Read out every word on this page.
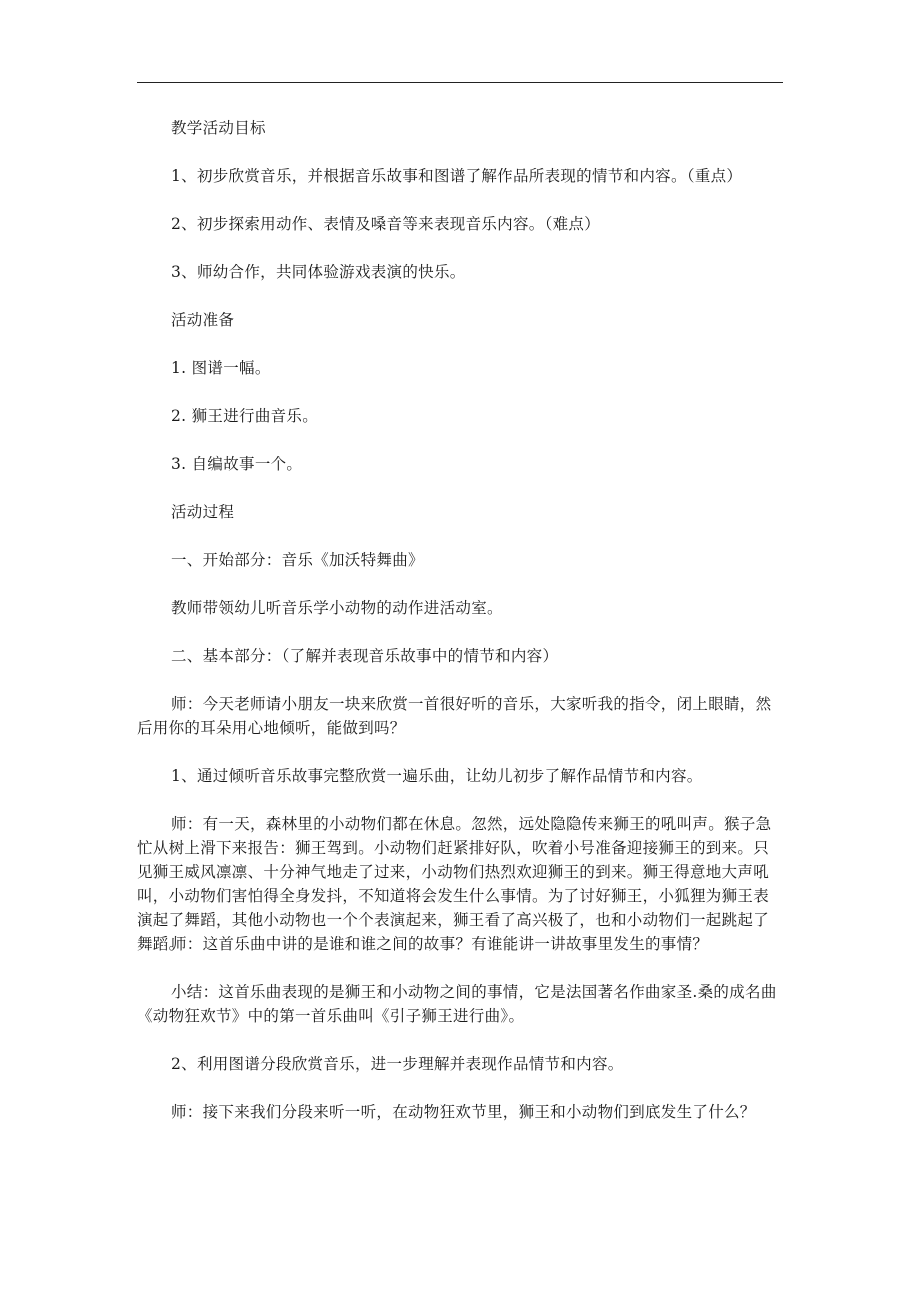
教学活动目标

1、初步欣赏音乐，并根据音乐故事和图谱了解作品所表现的情节和内容。（重点）

2、初步探索用动作、表情及嗓音等来表现音乐内容。（难点）

3、师幼合作，共同体验游戏表演的快乐。

活动准备

1. 图谱一幅。

2. 狮王进行曲音乐。

3. 自编故事一个。

活动过程

一、开始部分：音乐《加沃特舞曲》

教师带领幼儿听音乐学小动物的动作进活动室。

二、基本部分：（了解并表现音乐故事中的情节和内容）

师：今天老师请小朋友一块来欣赏一首很好听的音乐，大家听我的指令，闭上眼睛，然后用你的耳朵用心地倾听，能做到吗？

1、通过倾听音乐故事完整欣赏一遍乐曲，让幼儿初步了解作品情节和内容。

师：有一天，森林里的小动物们都在休息。忽然，远处隐隐传来狮王的吼叫声。猴子急忙从树上滑下来报告：狮王驾到。小动物们赶紧排好队，吹着小号准备迎接狮王的到来。只见狮王威风凛凛、十分神气地走了过来，小动物们热烈欢迎狮王的到来。狮王得意地大声吼叫，小动物们害怕得全身发抖，不知道将会发生什么事情。为了讨好狮王，小狐狸为狮王表演起了舞蹈，其他小动物也一个个表演起来，狮王看了高兴极了，也和小动物们一起跳起了舞蹈。

师：这首乐曲中讲的是谁和谁之间的故事？有谁能讲一讲故事里发生的事情？

小结：这首乐曲表现的是狮王和小动物之间的事情，它是法国著名作曲家圣.桑的成名曲《动物狂欢节》中的第一首乐曲叫《引子狮王进行曲》。

2、利用图谱分段欣赏音乐，进一步理解并表现作品情节和内容。

师：接下来我们分段来听一听，在动物狂欢节里，狮王和小动物们到底发生了什么？
